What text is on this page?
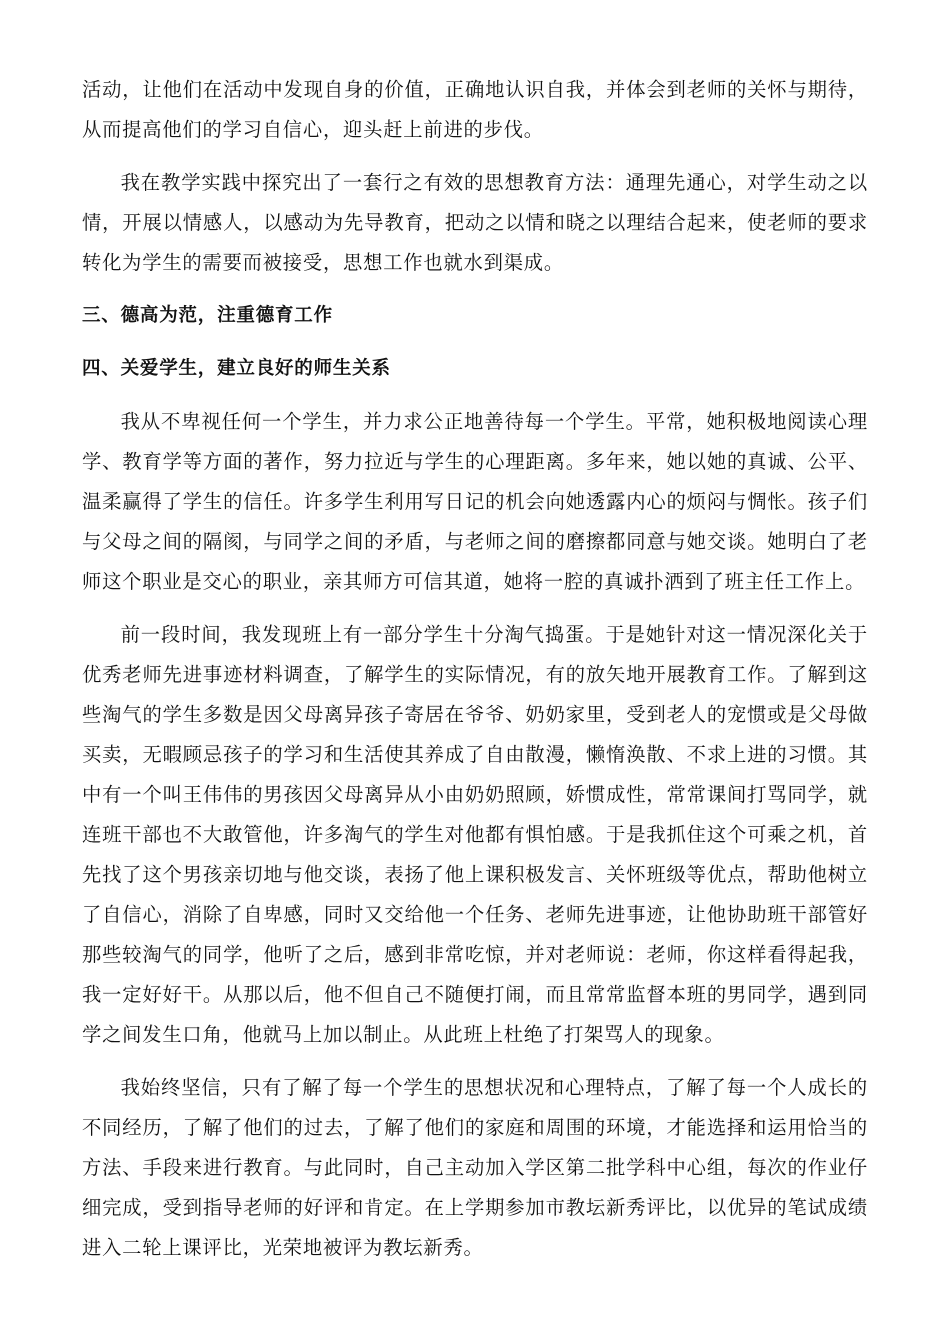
活动，让他们在活动中发现自身的价值，正确地认识自我，并体会到老师的关怀与期待，从而提高他们的学习自信心，迎头赶上前进的步伐。

我在教学实践中探究出了一套行之有效的思想教育方法：通理先通心，对学生动之以情，开展以情感人，以感动为先导教育，把动之以情和晓之以理结合起来，使老师的要求转化为学生的需要而被接受，思想工作也就水到渠成。

三、德高为范，注重德育工作
四、关爱学生，建立良好的师生关系

我从不卑视任何一个学生，并力求公正地善待每一个学生。平常，她积极地阅读心理学、教育学等方面的著作，努力拉近与学生的心理距离。多年来，她以她的真诚、公平、温柔赢得了学生的信任。许多学生利用写日记的机会向她透露内心的烦闷与惆怅。孩子们与父母之间的隔阂，与同学之间的矛盾，与老师之间的磨擦都同意与她交谈。她明白了老师这个职业是交心的职业，亲其师方可信其道，她将一腔的真诚扑洒到了班主任工作上。

前一段时间，我发现班上有一部分学生十分淘气捣蛋。于是她针对这一情况深化关于优秀老师先进事迹材料调查，了解学生的实际情况，有的放矢地开展教育工作。了解到这些淘气的学生多数是因父母离异孩子寄居在爷爷、奶奶家里，受到老人的宠惯或是父母做买卖，无暇顾忌孩子的学习和生活使其养成了自由散漫，懒惰涣散、不求上进的习惯。其中有一个叫王伟伟的男孩因父母离异从小由奶奶照顾，娇惯成性，常常课间打骂同学，就连班干部也不大敢管他，许多淘气的学生对他都有惧怕感。于是我抓住这个可乘之机，首先找了这个男孩亲切地与他交谈，表扬了他上课积极发言、关怀班级等优点，帮助他树立了自信心，消除了自卑感，同时又交给他一个任务、老师先进事迹，让他协助班干部管好那些较淘气的同学，他听了之后，感到非常吃惊，并对老师说：老师，你这样看得起我，我一定好好干。从那以后，他不但自己不随便打闹，而且常常监督本班的男同学，遇到同学之间发生口角，他就马上加以制止。从此班上杜绝了打架骂人的现象。

我始终坚信，只有了解了每一个学生的思想状况和心理特点，了解了每一个人成长的不同经历，了解了他们的过去，了解了他们的家庭和周围的环境，才能选择和运用恰当的方法、手段来进行教育。与此同时，自己主动加入学区第二批学科中心组，每次的作业仔细完成，受到指导老师的好评和肯定。在上学期参加市教坛新秀评比，以优异的笔试成绩进入二轮上课评比，光荣地被评为教坛新秀。
